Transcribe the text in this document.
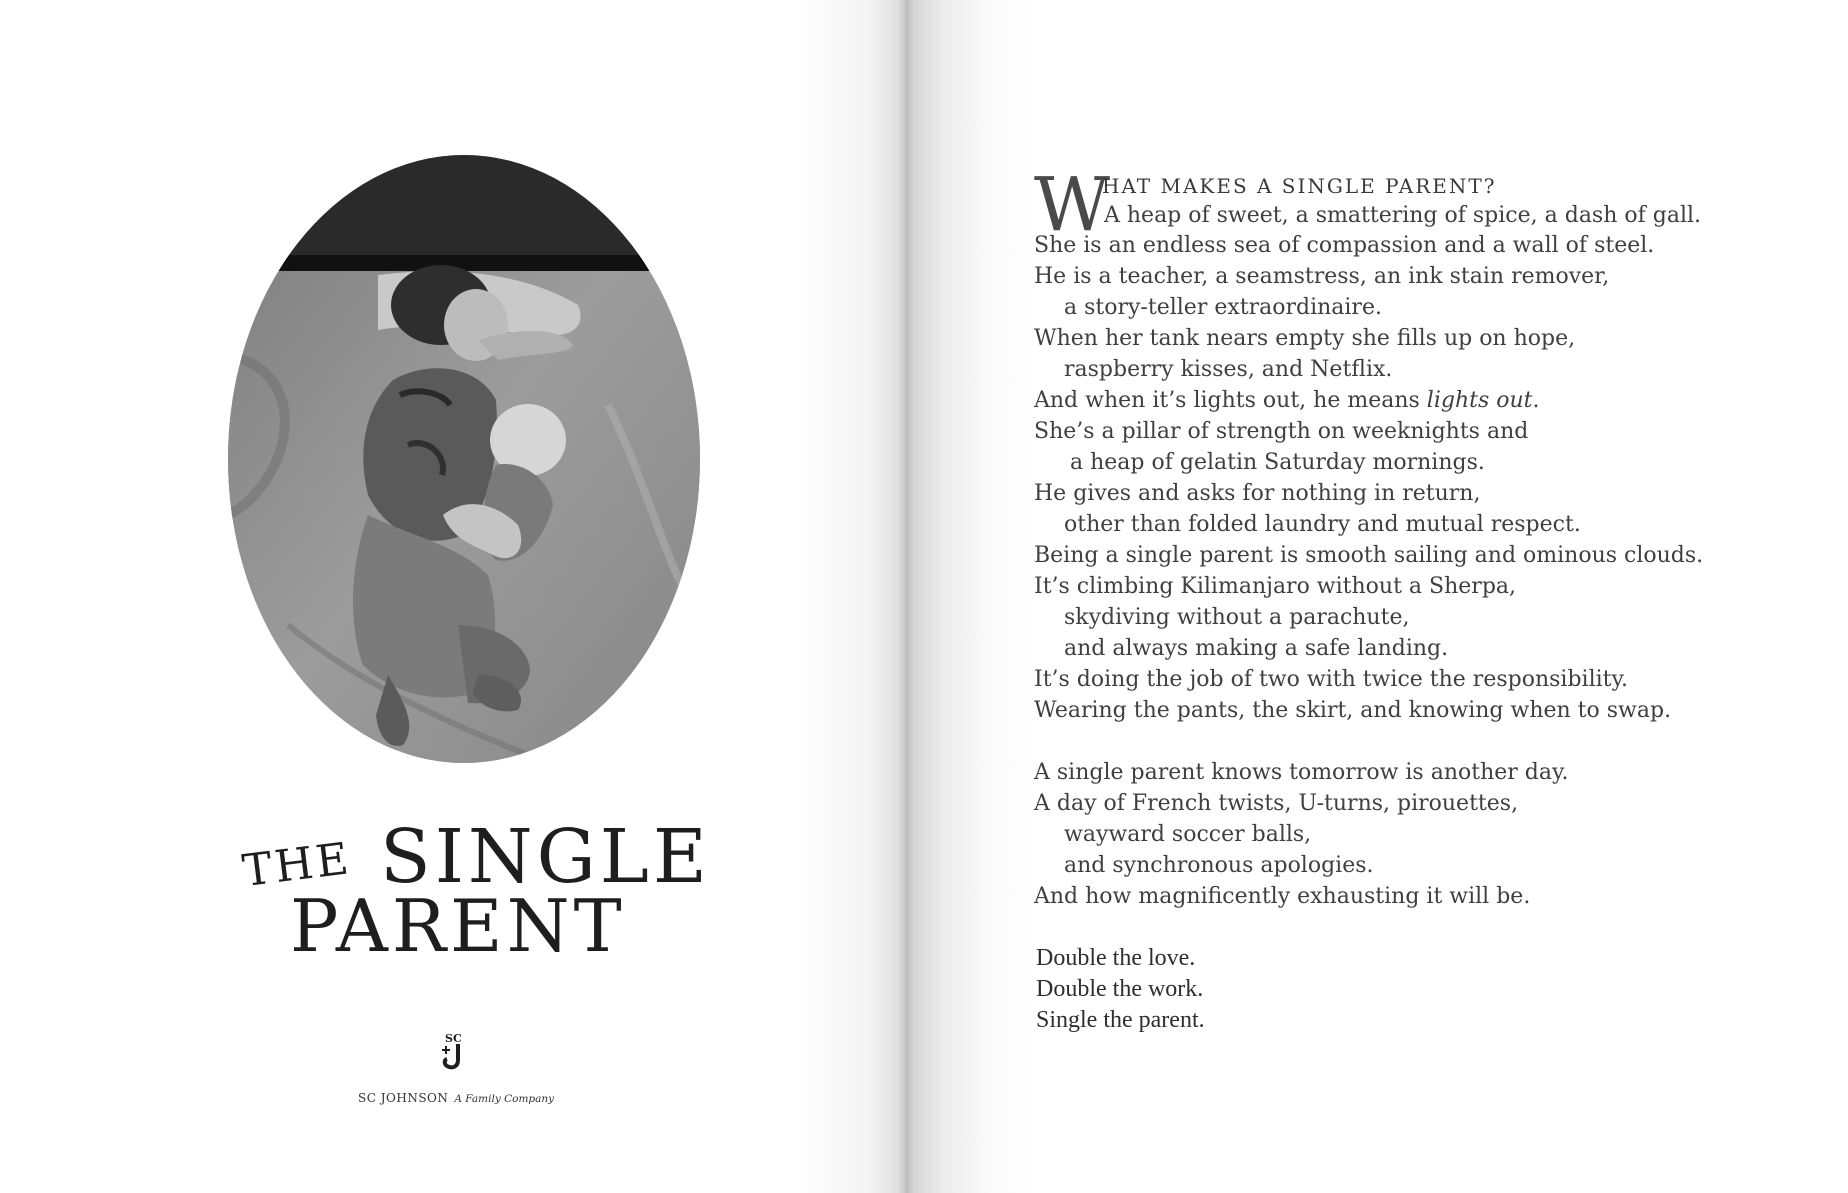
THE SINGLE
PARENT
SC
SC JOHNSON A Family Company
W
HAT MAKES A SINGLE PARENT?
A heap of sweet, a smattering of spice, a dash of gall.
She is an endless sea of compassion and a wall of steel.
He is a teacher, a seamstress, an ink stain remover,
a story-teller extraordinaire.
When her tank nears empty she fills up on hope,
raspberry kisses, and Netflix.
And when it’s lights out, he means lights out.
She’s a pillar of strength on weeknights and
a heap of gelatin Saturday mornings.
He gives and asks for nothing in return,
other than folded laundry and mutual respect.
Being a single parent is smooth sailing and ominous clouds.
It’s climbing Kilimanjaro without a Sherpa,
skydiving without a parachute,
and always making a safe landing.
It’s doing the job of two with twice the responsibility.
Wearing the pants, the skirt, and knowing when to swap.
A single parent knows tomorrow is another day.
A day of French twists, U-turns, pirouettes,
wayward soccer balls,
and synchronous apologies.
And how magnificently exhausting it will be.
Double the love.
Double the work.
Single the parent.
